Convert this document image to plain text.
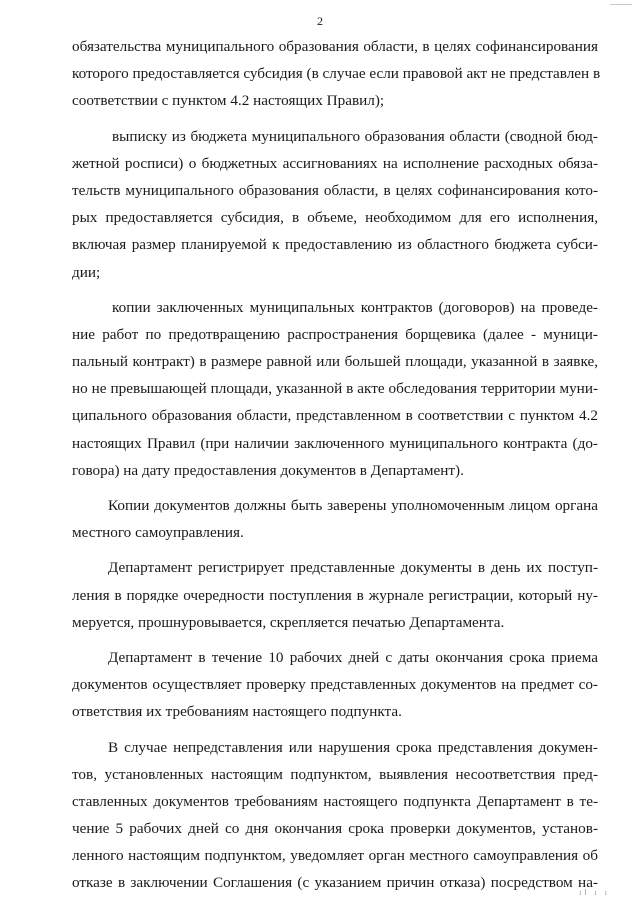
2
обязательства муниципального образования области, в целях софинансирования
которого предоставляется субсидия (в случае если правовой акт не представлен в
соответствии с пунктом 4.2 настоящих Правил);
выписку из бюджета муниципального образования области (сводной бюд-
жетной росписи) о бюджетных ассигнованиях на исполнение расходных обяза-
тельств муниципального образования области, в целях софинансирования кото-
рых предоставляется субсидия, в объеме, необходимом для его исполнения,
включая размер планируемой к предоставлению из областного бюджета субси-
дии;
копии заключенных муниципальных контрактов (договоров) на проведе-
ние работ по предотвращению распространения борщевика (далее - муници-
пальный контракт) в размере равной или большей площади, указанной в заявке,
но не превышающей площади, указанной в акте обследования территории муни-
ципального образования области, представленном в соответствии с пунктом 4.2
настоящих Правил (при наличии заключенного муниципального контракта (до-
говора) на дату предоставления документов в Департамент).
Копии документов должны быть заверены уполномоченным лицом органа
местного самоуправления.
Департамент регистрирует представленные документы в день их поступ-
ления в порядке очередности поступления в журнале регистрации, который ну-
меруется, прошнуровывается, скрепляется печатью Департамента.
Департамент в течение 10 рабочих дней с даты окончания срока приема
документов осуществляет проверку представленных документов на предмет со-
ответствия их требованиям настоящего подпункта.
В случае непредставления или нарушения срока представления докумен-
тов, установленных настоящим подпунктом, выявления несоответствия пред-
ставленных документов требованиям настоящего подпункта Департамент в те-
чение 5 рабочих дней со дня окончания срока проверки документов, установ-
ленного настоящим подпунктом, уведомляет орган местного самоуправления об
отказе в заключении Соглашения (с указанием причин отказа) посредством на-
ıl ı ı
